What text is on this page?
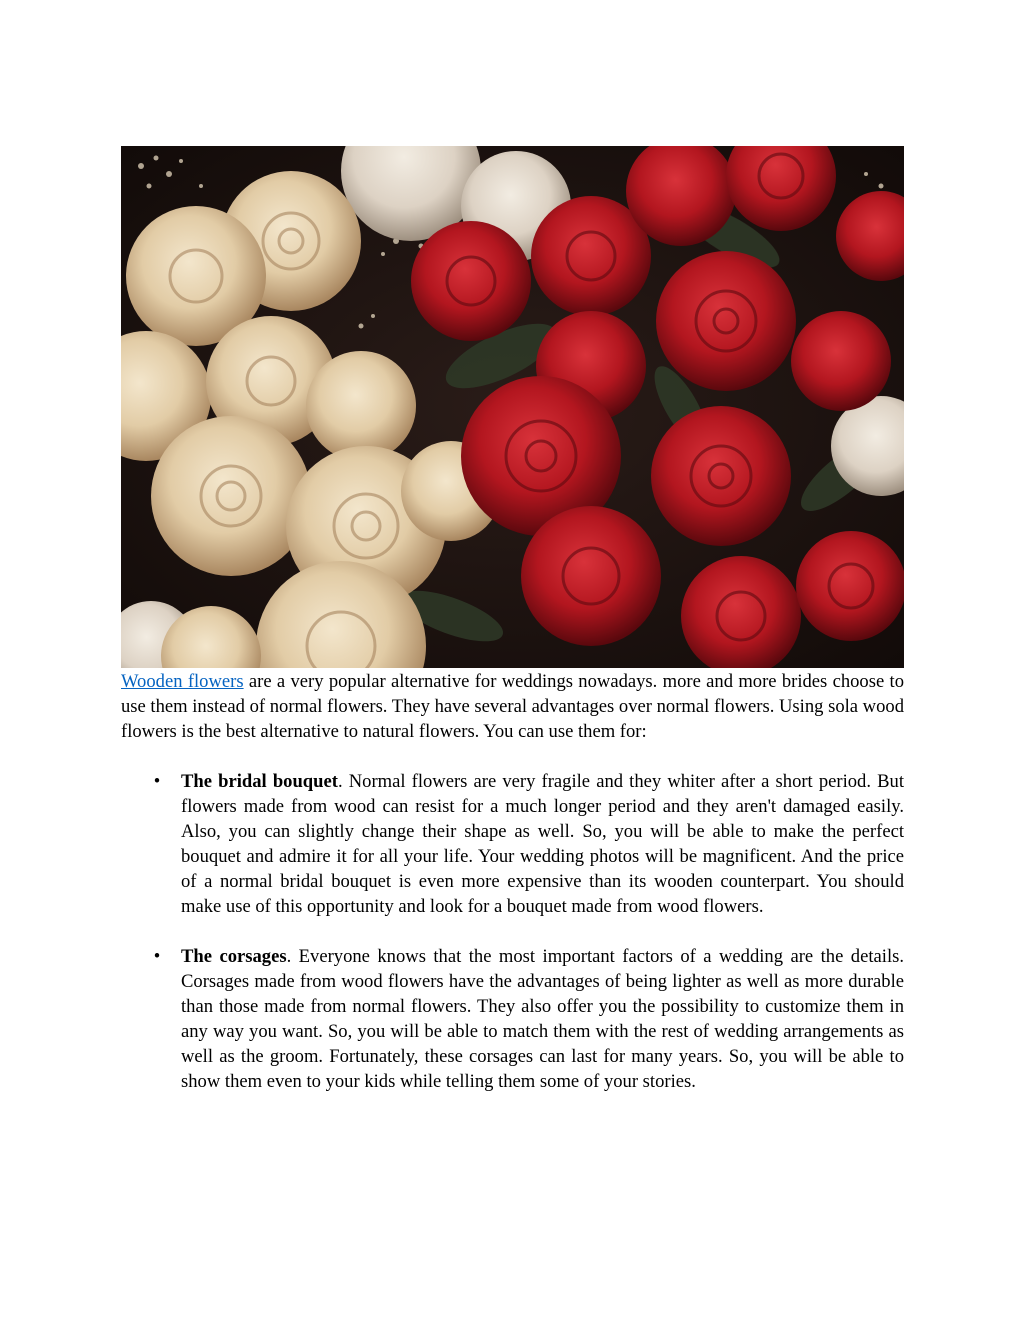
Wooden flowers are a very popular alternative for weddings nowadays. more and more brides choose to use them instead of normal flowers. They have several advantages over normal flowers. Using sola wood flowers is the best alternative to natural flowers. You can use them for:

•
The bridal bouquet. Normal flowers are very fragile and they whiter after a short period. But flowers made from wood can resist for a much longer period and they aren't damaged easily. Also, you can slightly change their shape as well. So, you will be able to make the perfect bouquet and admire it for all your life. Your wedding photos will be magnificent. And the price of a normal bridal bouquet is even more expensive than its wooden counterpart. You should make use of this opportunity and look for a bouquet made from wood flowers.
•
The corsages. Everyone knows that the most important factors of a wedding are the details. Corsages made from wood flowers have the advantages of being lighter as well as more durable than those made from normal flowers. They also offer you the possibility to customize them in any way you want. So, you will be able to match them with the rest of wedding arrangements as well as the groom. Fortunately, these corsages can last for many years. So, you will be able to show them even to your kids while telling them some of your stories.
